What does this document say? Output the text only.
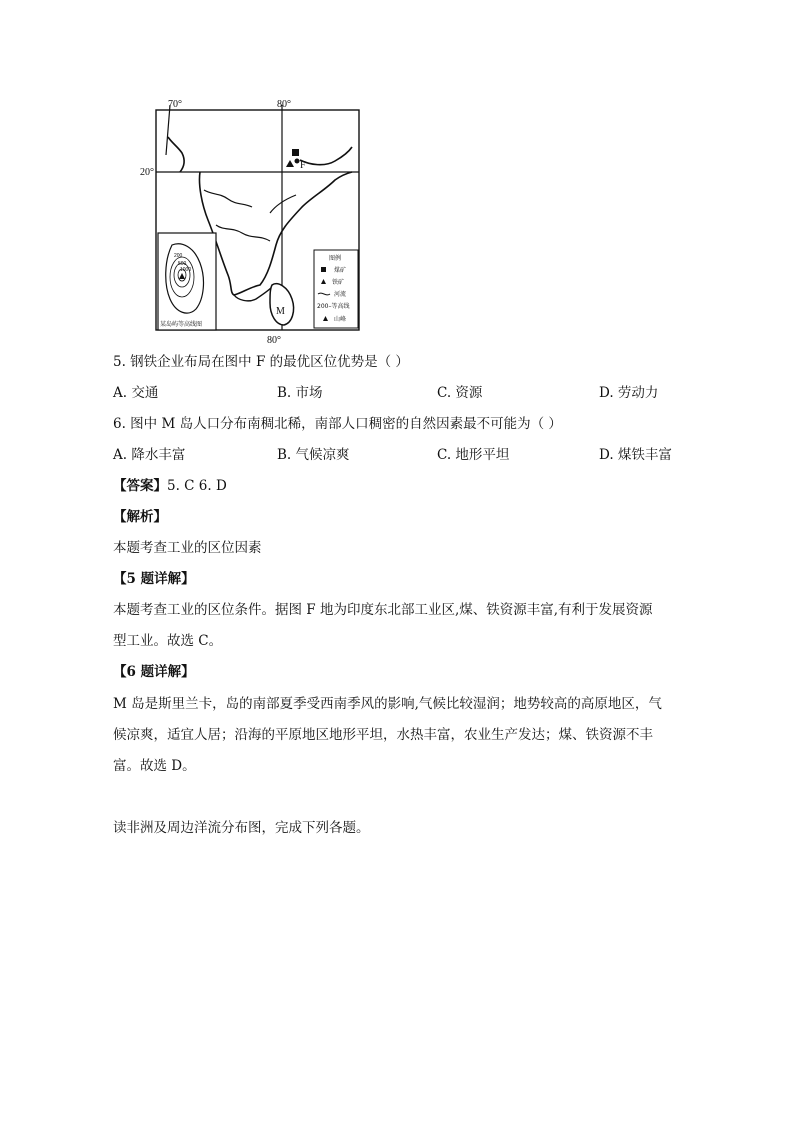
70°	80°
20°
80°
M
F
200
500
1000
某岛屿等高线图
图例
煤矿
铁矿
河流
200–等高线
山峰
5. 钢铁企业布局在图中 F 的最优区位优势是（ ）
A. 交通	B. 市场	C. 资源	D. 劳动力
6. 图中 M 岛人口分布南稠北稀，南部人口稠密的自然因素最不可能为（ ）
A. 降水丰富	B. 气候凉爽	C. 地形平坦	D. 煤铁丰富
【答案】5. C 6. D
【解析】
本题考查工业的区位因素
【5 题详解】
本题考查工业的区位条件。据图 F 地为印度东北部工业区,煤、铁资源丰富,有利于发展资源
型工业。故选 C。
【6 题详解】
M 岛是斯里兰卡，岛的南部夏季受西南季风的影响,气候比较湿润；地势较高的高原地区，气
候凉爽，适宜人居；沿海的平原地区地形平坦，水热丰富，农业生产发达；煤、铁资源不丰
富。故选 D。
读非洲及周边洋流分布图，完成下列各题。
